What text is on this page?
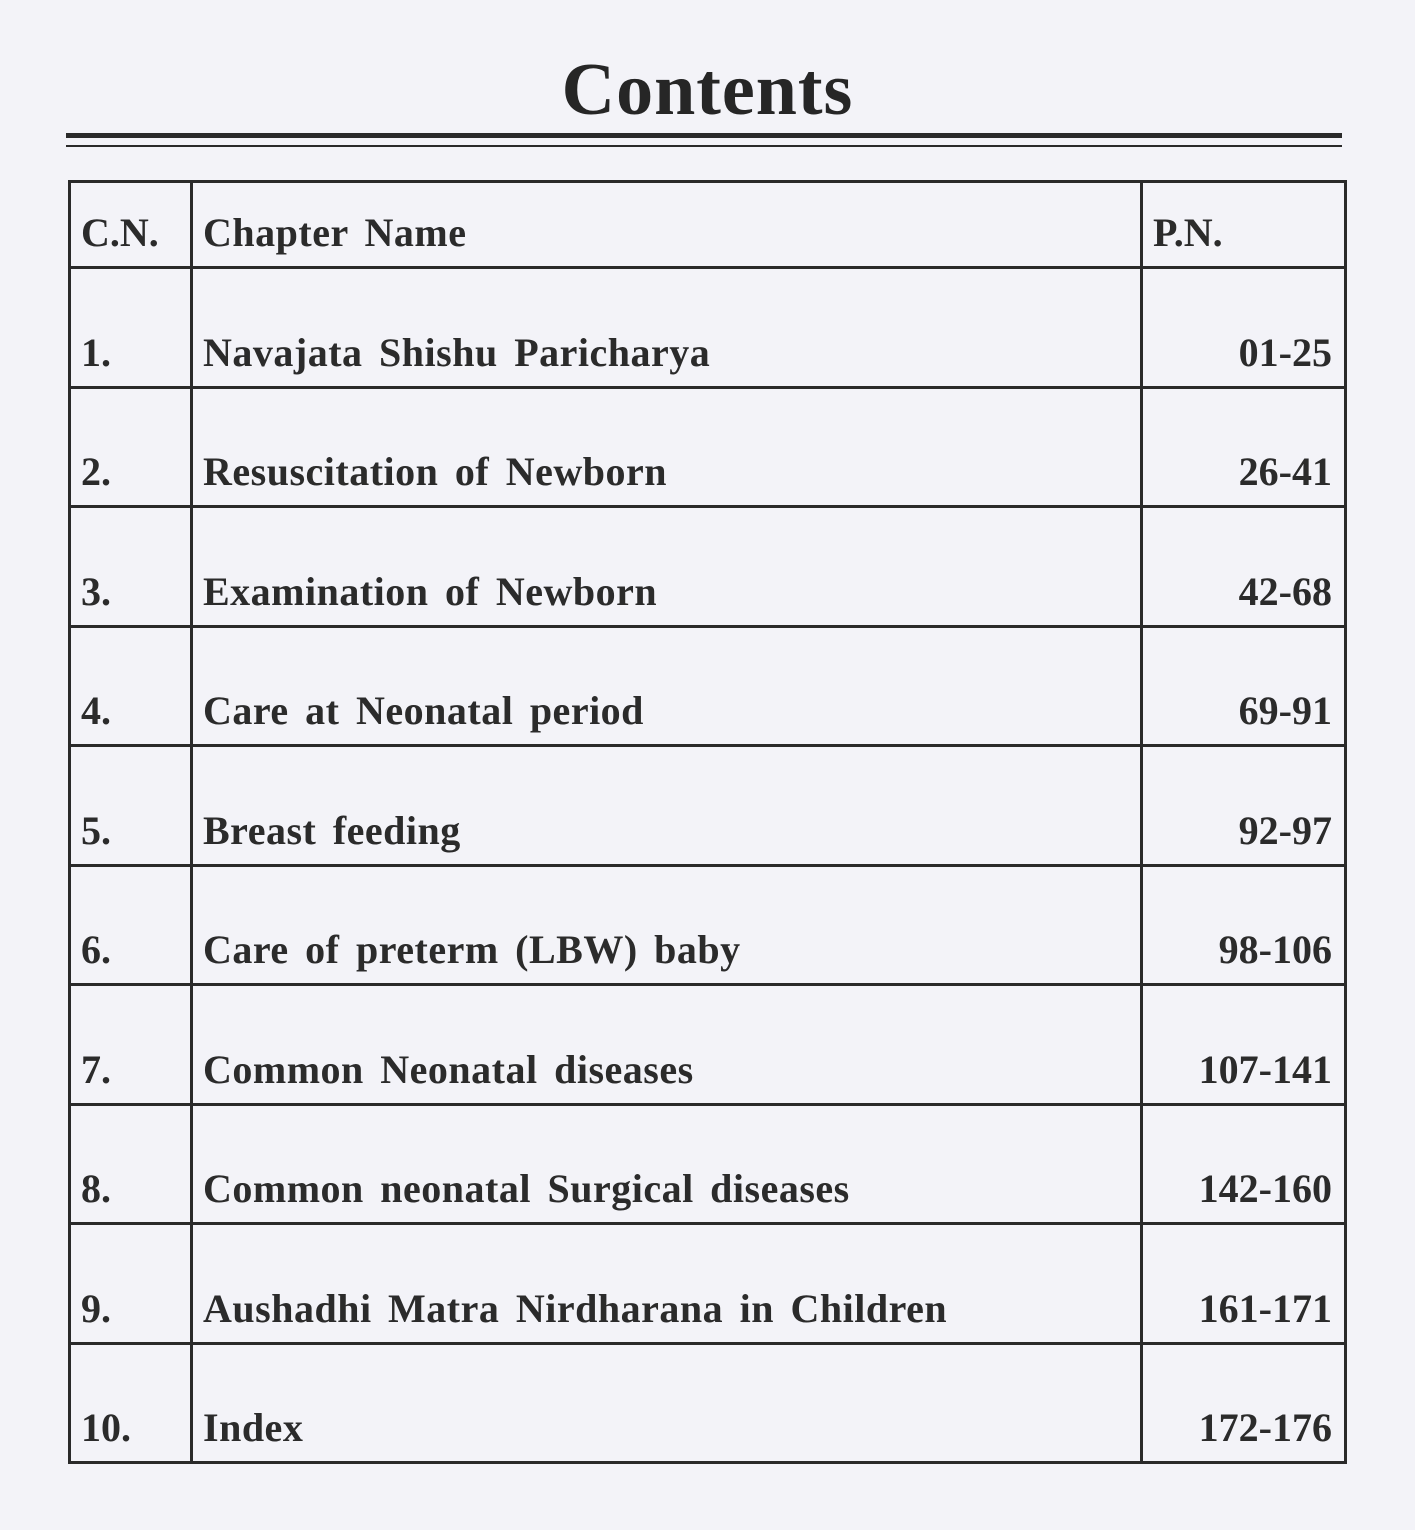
Contents
C.N.	Chapter Name	P.N.
1.	Navajata Shishu Paricharya	01-25
2.	Resuscitation of Newborn	26-41
3.	Examination of Newborn	42-68
4.	Care at Neonatal period	69-91
5.	Breast feeding	92-97
6.	Care of preterm (LBW) baby	98-106
7.	Common Neonatal diseases	107-141
8.	Common neonatal Surgical diseases	142-160
9.	Aushadhi Matra Nirdharana in Children	161-171
10.	Index	172-176
